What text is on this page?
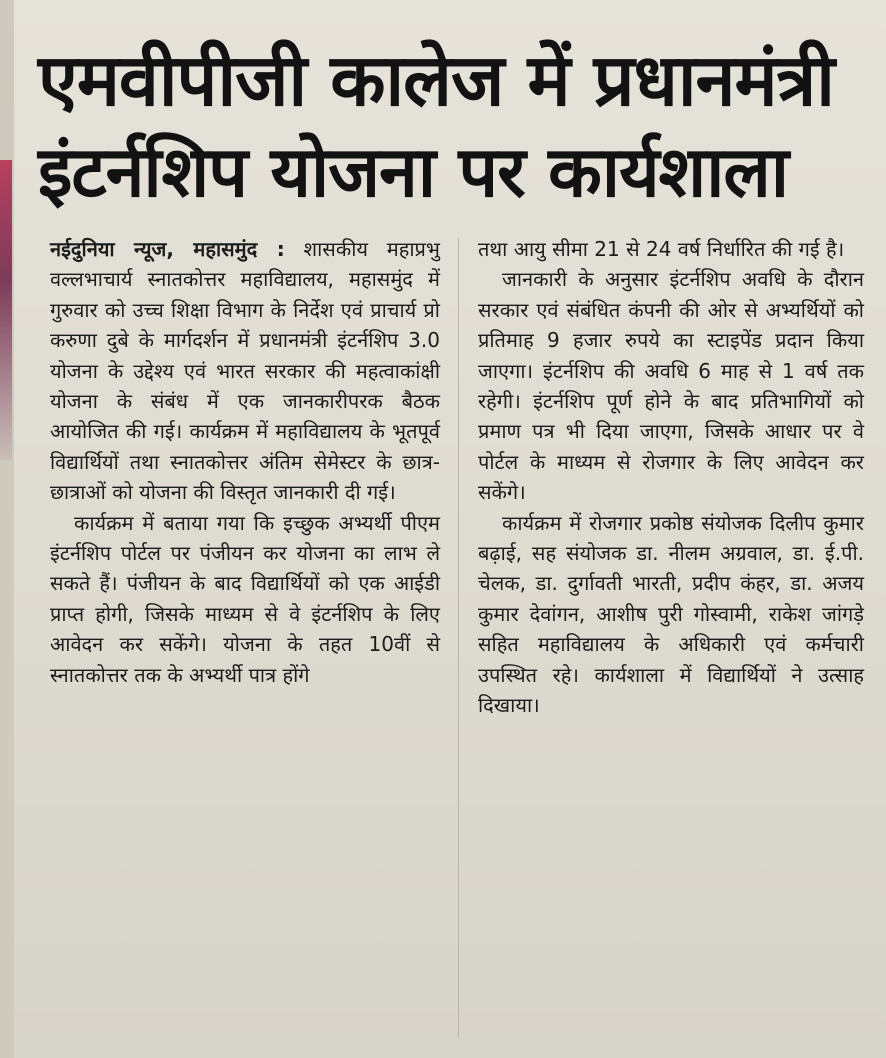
एमवीपीजी कालेज में प्रधानमंत्री
इंटर्नशिप योजना पर कार्यशाला

नईदुनिया न्यूज, महासमुंद : शासकीय महाप्रभु वल्लभाचार्य स्नातकोत्तर महाविद्यालय, महासमुंद में गुरुवार को उच्च शिक्षा विभाग के निर्देश एवं प्राचार्य प्रो करुणा दुबे के मार्गदर्शन में प्रधानमंत्री इंटर्नशिप 3.0 योजना के उद्देश्य एवं भारत सरकार की महत्वाकांक्षी योजना के संबंध में एक जानकारीपरक बैठक आयोजित की गई। कार्यक्रम में महाविद्यालय के भूतपूर्व विद्यार्थियों तथा स्नातकोत्तर अंतिम सेमेस्टर के छात्र-छात्राओं को योजना की विस्तृत जानकारी दी गई।

कार्यक्रम में बताया गया कि इच्छुक अभ्यर्थी पीएम इंटर्नशिप पोर्टल पर पंजीयन कर योजना का लाभ ले सकते हैं। पंजीयन के बाद विद्यार्थियों को एक आईडी प्राप्त होगी, जिसके माध्यम से वे इंटर्नशिप के लिए आवेदन कर सकेंगे। योजना के तहत 10वीं से स्नातकोत्तर तक के अभ्यर्थी पात्र होंगे

तथा आयु सीमा 21 से 24 वर्ष निर्धारित की गई है।

जानकारी के अनुसार इंटर्नशिप अवधि के दौरान सरकार एवं संबंधित कंपनी की ओर से अभ्यर्थियों को प्रतिमाह 9 हजार रुपये का स्टाइपेंड प्रदान किया जाएगा। इंटर्नशिप की अवधि 6 माह से 1 वर्ष तक रहेगी। इंटर्नशिप पूर्ण होने के बाद प्रतिभागियों को प्रमाण पत्र भी दिया जाएगा, जिसके आधार पर वे पोर्टल के माध्यम से रोजगार के लिए आवेदन कर सकेंगे।

कार्यक्रम में रोजगार प्रकोष्ठ संयोजक दिलीप कुमार बढ़ाई, सह संयोजक डा. नीलम अग्रवाल, डा. ई.पी. चेलक, डा. दुर्गावती भारती, प्रदीप कंहर, डा. अजय कुमार देवांगन, आशीष पुरी गोस्वामी, राकेश जांगड़े सहित महाविद्यालय के अधिकारी एवं कर्मचारी उपस्थित रहे। कार्यशाला में विद्यार्थियों ने उत्साह दिखाया।
